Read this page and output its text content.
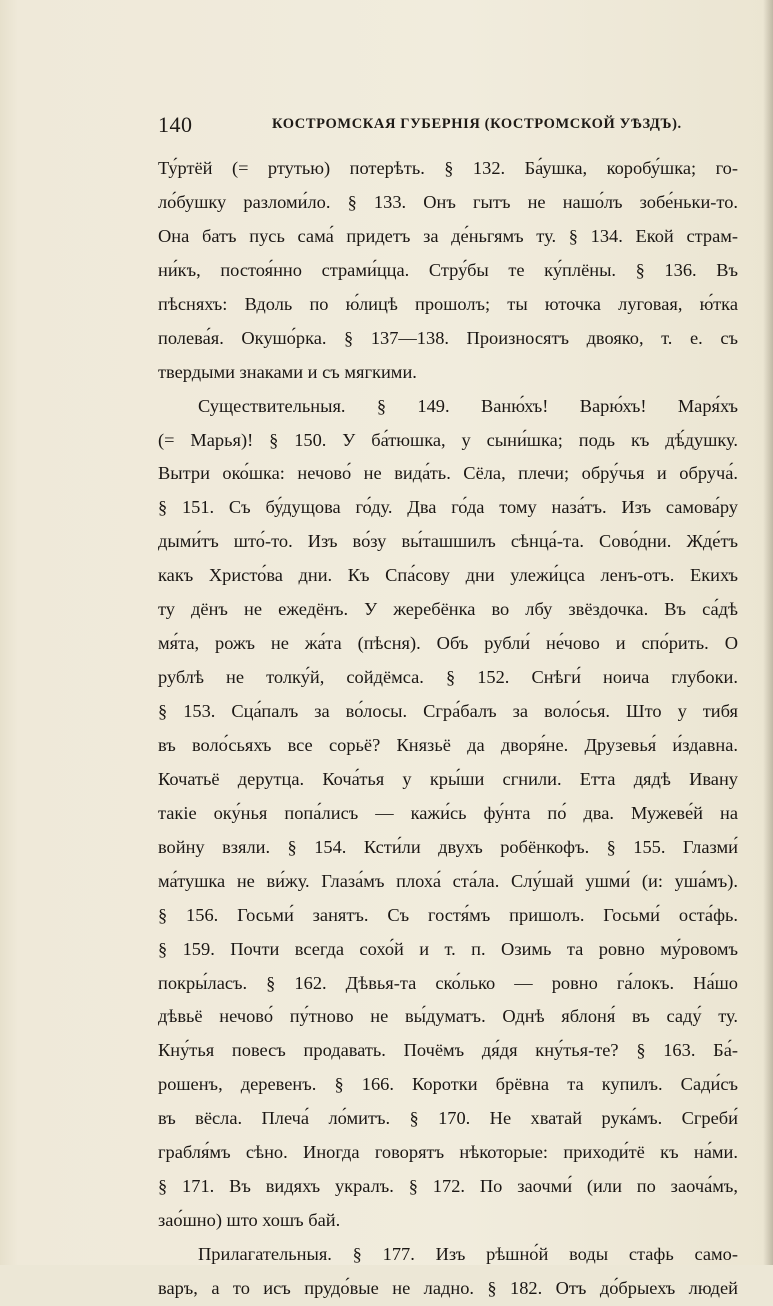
140	КОСТРОМСКАЯ ГУБЕРНІЯ (КОСТРОМСКОЙ УѢЗДЪ).
Ту́ртёй (= ртутью) потерѣть. § 132. Ба́ушка, коробу́шка; го-
ло́бушку разломи́ло. § 133. Онъ гытъ не нашо́лъ зобе́ньки-то.
Она батъ пусь сама́ придетъ за де́ньгямъ ту. § 134. Екой страм-
ни́къ, постоя́нно страми́цца. Стру́бы те ку́плёны. § 136. Въ
пѣсняхъ: Вдоль по ю́лицѣ прошолъ; ты юточка луговая, ю́тка
полева́я. Окушо́рка. § 137—138. Произносятъ двояко, т. е. съ
твердыми знаками и съ мягкими.
Существительныя. § 149. Ваню́хъ! Варю́хъ! Маря́хъ
(= Марья)! § 150. У ба́тюшка, у сыни́шка; подь къ дѣ́душку.
Вытри око́шка: нечово́ не вида́ть. Сёла, плечи; обру́чья и обруча́.
§ 151. Съ бу́дущова го́ду. Два го́да тому наза́тъ. Изъ самова́ру
дыми́тъ што́-то. Изъ во́зу вы́ташшилъ сѣнца́-та. Сово́дни. Жде́тъ
какъ Христо́ва дни. Къ Спа́сову дни улежи́цса ленъ-отъ. Екихъ
ту дёнъ не ежедёнъ. У жеребёнка во лбу звёздочка. Въ са́дѣ
мя́та, рожъ не жа́та (пѣсня). Объ рубли́ не́чово и спо́рить. О
рублѣ не толку́й, сойдёмса. § 152. Снѣги́ ноича глубоки.
§ 153. Сца́палъ за во́лосы. Сгра́балъ за воло́сья. Што у тибя
въ воло́сьяхъ все сорьё? Князьё да дворя́не. Друзевья́ и́здавна.
Кочатьё дерутца. Коча́тья у кры́ши сгнили. Етта дядѣ Ивану
такіе оку́нья попа́лисъ — кажи́сь фу́нта по́ два. Мужеве́й на
войну взяли. § 154. Ксти́ли двухъ робёнкофъ. § 155. Глазми́
ма́тушка не ви́жу. Глаза́мъ плоха́ ста́ла. Слу́шай ушми́ (и: уша́мъ).
§ 156. Госьми́ занятъ. Съ гостя́мъ пришолъ. Госьми́ оста́фь.
§ 159. Почти всегда сохо́й и т. п. Озимь та ровно му́ровомъ
покры́ласъ. § 162. Дѣвья-та ско́лько — ровно га́локъ. На́шо
дѣвьё нечово́ пу́тново не вы́думатъ. Однѣ яблоня́ въ саду́ ту.
Кну́тья повесъ продавать. Почёмъ дя́дя кну́тья-те? § 163. Ба́-
рошенъ, деревенъ. § 166. Коротки брёвна та купилъ. Сади́съ
въ вёсла. Плеча́ ло́митъ. § 170. Не хватай рука́мъ. Сгреби́
грабля́мъ сѣно. Иногда говорятъ нѣкоторые: приходи́тё къ на́ми.
§ 171. Въ видяхъ укралъ. § 172. По заочми́ (или по заоча́мъ,
зао́шно) што хошъ бай.
Прилагательныя. § 177. Изъ рѣшно́й воды стафь само-
варъ, а то исъ прудо́вые не ладно. § 182. Отъ до́брыехъ людей
